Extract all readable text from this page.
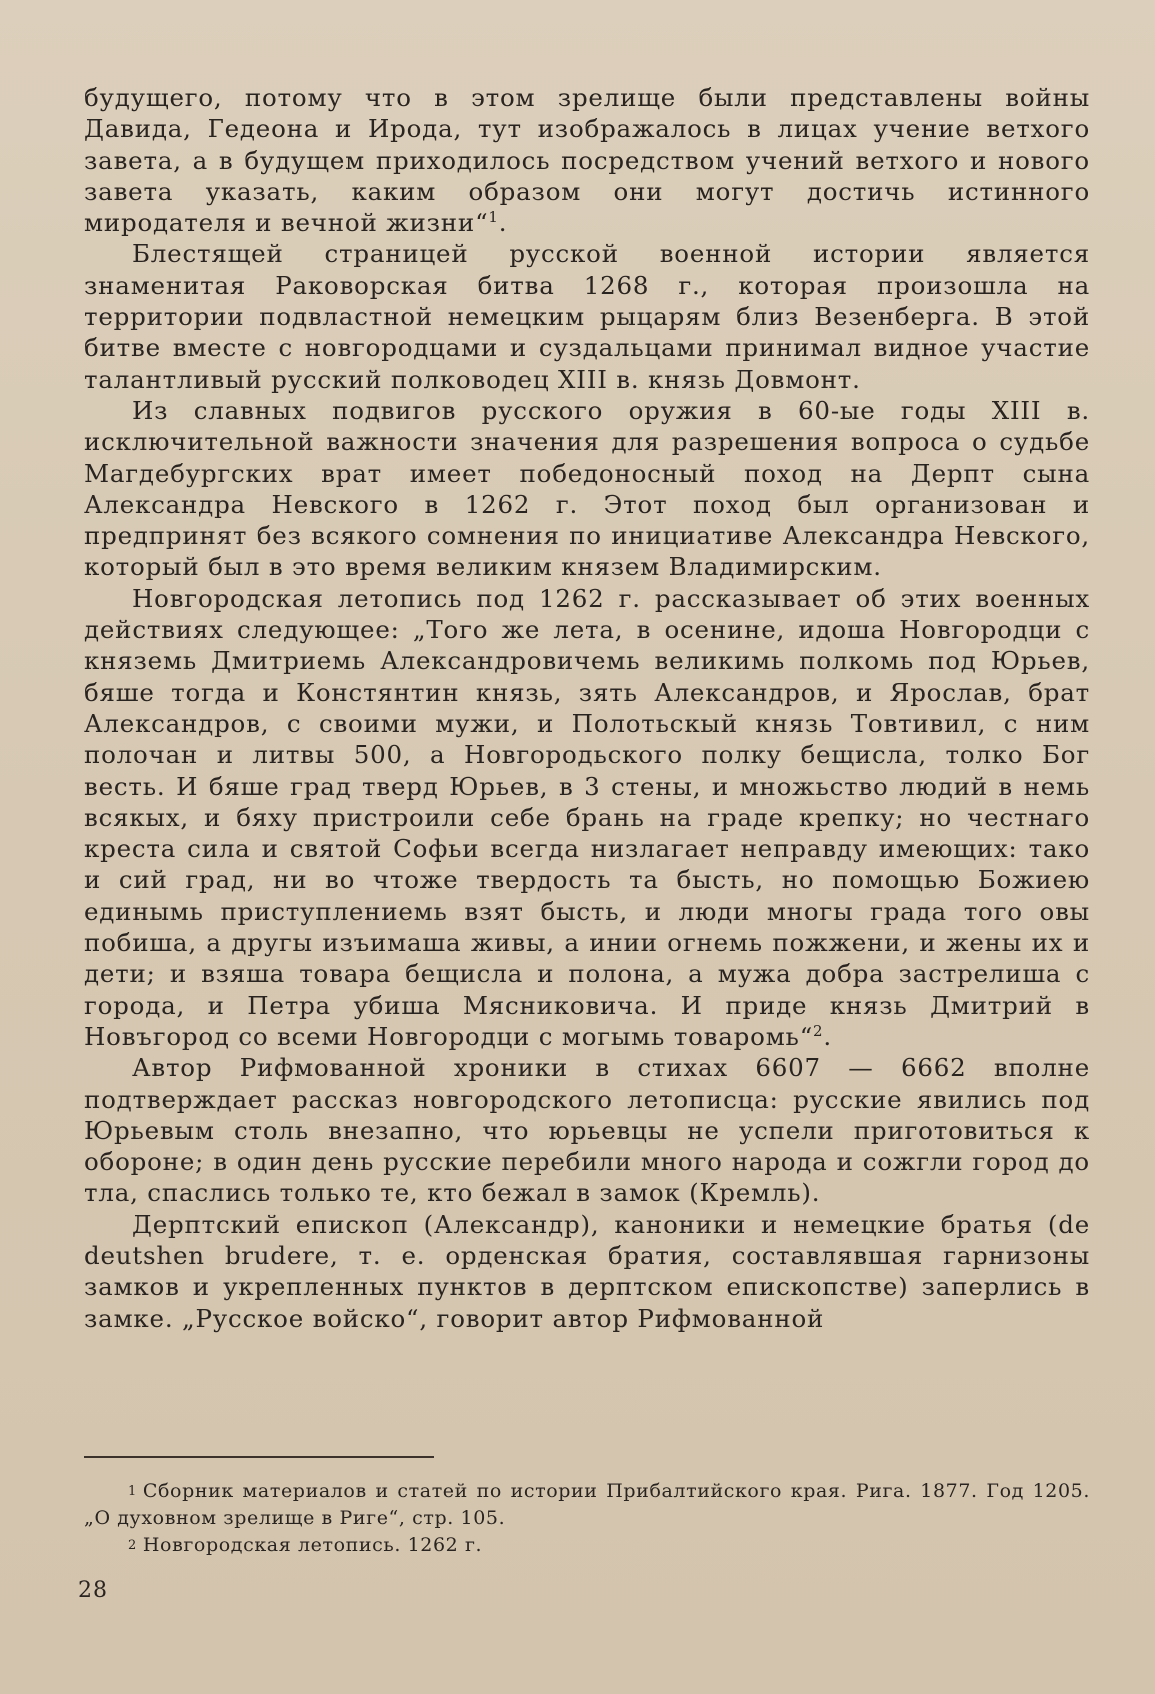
будущего, потому что в этом зрелище были представлены войны Давида, Гедеона и Ирода, тут изображалось в лицах учение ветхого завета, а в будущем приходилось посредством учений ветхого и нового завета указать, каким образом они могут достичь истинного миродателя и вечной жизни“$^1$.

Блестящей страницей русской военной истории является знаменитая Раковорская битва 1268 г., которая произошла на территории подвластной немецким рыцарям близ Везенберга. В этой битве вместе с новгородцами и суздальцами принимал видное участие талантливый русский полководец XIII в. князь Довмонт.

Из славных подвигов русского оружия в 60-ые годы XIII в. исключительной важности значения для разрешения вопроса о судьбе Магдебургских врат имеет победоносный поход на Дерпт сына Александра Невского в 1262 г. Этот поход был организован и предпринят без всякого сомнения по инициативе Александра Невского, который был в это время великим князем Владимирским.

Новгородская летопись под 1262 г. рассказывает об этих военных действиях следующее: „Того же лета, в осенине, идоша Новгородци с княземь Дмитриемь Александровичемь великимь полкомь под Юрьев, бяше тогда и Констянтин князь, зять Александров, и Ярослав, брат Александров, с своими мужи, и Полотьскый князь Товтивил, с ним полочан и литвы 500, а Новгородьского полку бещисла, толко Бог весть. И бяше град тверд Юрьев, в 3 стены, и множьство людий в немь всякых, и бяху пристроили себе брань на граде крепку; но честнаго креста сила и святой Софьи всегда низлагает неправду имеющих: тако и сий град, ни во чтоже твердость та бысть, но помощью Божиею единымь приступлениемь взят бысть, и люди многы града того овы побиша, а другы изъимаша живы, а инии огнемь пожжени, и жены их и дети; и взяша товара бещисла и полона, а мужа добра застрелиша с города, и Петра убиша Мясниковича. И приде князь Дмитрий в Новъгород со всеми Новгородци с могымь товаромь“$^2$.

Автор Рифмованной хроники в стихах 6607 — 6662 вполне подтверждает рассказ новгородского летописца: русские явились под Юрьевым столь внезапно, что юрьевцы не успели приготовиться к обороне; в один день русские перебили много народа и сожгли город до тла, спаслись только те, кто бежал в замок (Кремль).

Дерптский епископ (Александр), каноники и немецкие братья (de deutshen brudere, т. е. орденская братия, составлявшая гарнизоны замков и укрепленных пунктов в дерптском епископстве) заперлись в замке. „Русское войско“, говорит автор Рифмованной

$^1$ Сборник материалов и статей по истории Прибалтийского края. Рига. 1877. Год 1205. „О духовном зрелище в Риге“, стр. 105.

$^2$ Новгородская летопись. 1262 г.

28
